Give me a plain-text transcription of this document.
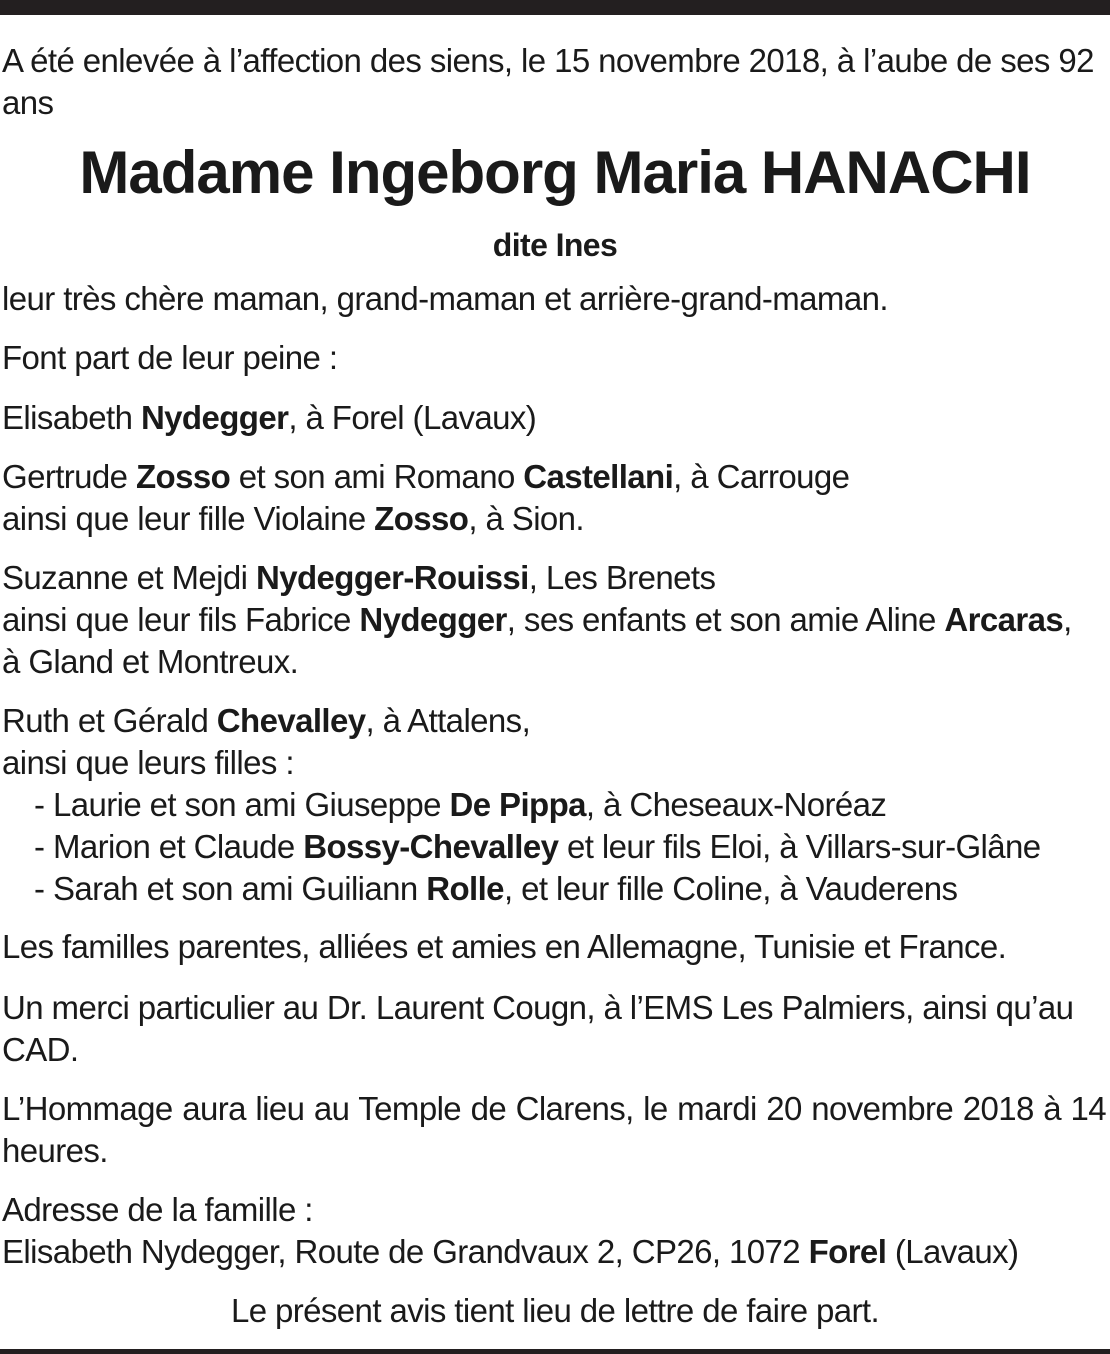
A été enlevée à l’affection des siens, le 15 novembre 2018, à l’aube de ses 92 ans

Madame Ingeborg Maria HANACHI
dite Ines

leur très chère maman, grand-maman et arrière-grand-maman.

Font part de leur peine :

Elisabeth Nydegger, à Forel (Lavaux)

Gertrude Zosso et son ami Romano Castellani, à Carrouge
ainsi que leur fille Violaine Zosso, à Sion.
Suzanne et Mejdi Nydegger-Rouissi, Les Brenets
ainsi que leur fils Fabrice Nydegger, ses enfants et son amie Aline Arcaras,
à Gland et Montreux.
Ruth et Gérald Chevalley, à Attalens,
ainsi que leurs filles :
- Laurie et son ami Giuseppe De Pippa, à Cheseaux-Noréaz
- Marion et Claude Bossy-Chevalley et leur fils Eloi, à Villars-sur-Glâne
- Sarah et son ami Guiliann Rolle, et leur fille Coline, à Vauderens

Les familles parentes, alliées et amies en Allemagne, Tunisie et France.

Un merci particulier au Dr. Laurent Cougn, à l’EMS Les Palmiers, ainsi qu’au CAD.

L’Hommage aura lieu au Temple de Clarens, le mardi 20 novembre 2018 à 14 heures.

Adresse de la famille :
Elisabeth Nydegger, Route de Grandvaux 2, CP26, 1072 Forel (Lavaux)

Le présent avis tient lieu de lettre de faire part.
